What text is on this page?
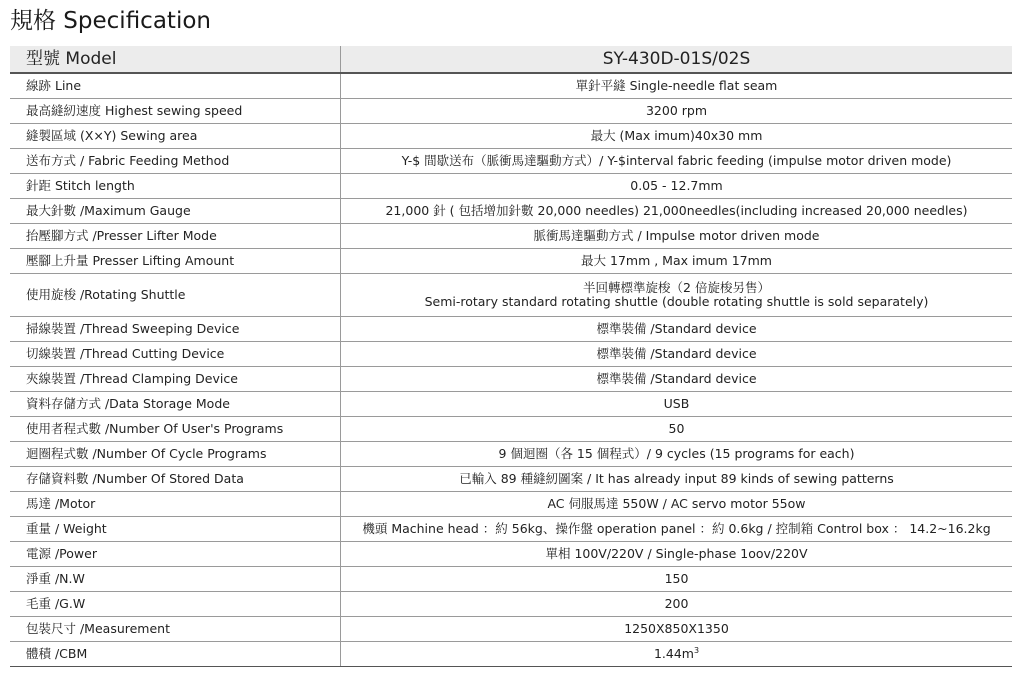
規格 Specification
型號 Model	SY-430D-01S/02S
線跡 Line	單針平縫 Single-needle flat seam
最高縫紉速度 Highest sewing speed	3200 rpm
縫製區域 (X×Y) Sewing area	最大 (Max imum)40x30 mm
送布方式 / Fabric Feeding Method	Y-$ 間歇送布（脈衝馬達驅動方式）/ Y-$interval fabric feeding (impulse motor driven mode)
針距 Stitch length	0.05 - 12.7mm
最大針數 /Maximum Gauge	21,000 針 ( 包括增加針數 20,000 needles) 21,000needles(including increased 20,000 needles)
抬壓腳方式 /Presser Lifter Mode	脈衝馬達驅動方式 / Impulse motor driven mode
壓腳上升量 Presser Lifting Amount	最大 17mm , Max imum 17mm
使用旋梭 /Rotating Shuttle	半回轉標準旋梭（2 倍旋梭另售）
Semi-rotary standard rotating shuttle (double rotating shuttle is sold separately)

掃線裝置 /Thread Sweeping Device	標準裝備 /Standard device
切線裝置 /Thread Cutting Device	標準裝備 /Standard device
夾線裝置 /Thread Clamping Device	標準裝備 /Standard device
資料存儲方式 /Data Storage Mode	USB
使用者程式數 /Number Of User's Programs	50
迴圈程式數 /Number Of Cycle Programs	9 個迴圈（各 15 個程式）/ 9 cycles (15 programs for each)
存儲資料數 /Number Of Stored Data	已輸入 89 種縫紉圖案 / It has already input 89 kinds of sewing patterns
馬達 /Motor	AC 伺服馬達 550W / AC servo motor 55ow
重量 / Weight	機頭 Machine head ：約 56kg、操作盤 operation panel ：約 0.6kg / 控制箱 Control box ： 14.2~16.2kg
電源 /Power	單相 100V/220V / Single-phase 1oov/220V
淨重 /N.W	150
毛重 /G.W	200
包裝尺寸 /Measurement	1250X850X1350
體積 /CBM	$1.44m^3$
